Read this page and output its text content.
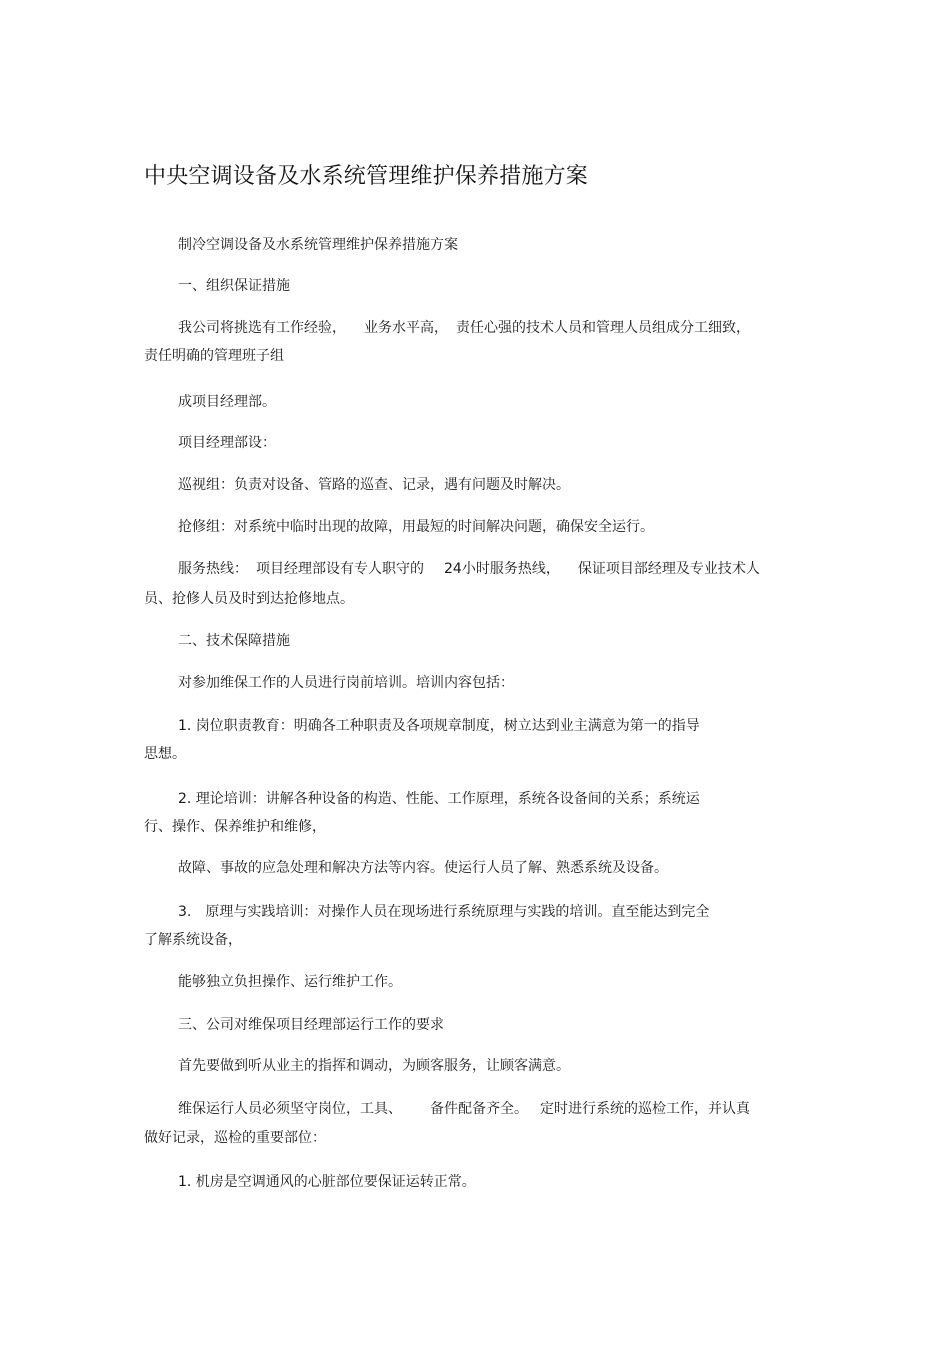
中央空调设备及水系统管理维护保养措施方案
制冷空调设备及水系统管理维护保养措施方案
一、组织保证措施
我公司将挑选有工作经验， 业务水平高， 责任心强的技术人员和管理人员组成分工细致，
责任明确的管理班子组
成项目经理部。
项目经理部设：
巡视组：负责对设备、管路的巡查、记录，遇有问题及时解决。
抢修组：对系统中临时出现的故障，用最短的时间解决问题，确保安全运行。
服务热线： 项目经理部设有专人职守的 24小时服务热线， 保证项目部经理及专业技术人
员、抢修人员及时到达抢修地点。
二、技术保障措施
对参加维保工作的人员进行岗前培训。培训内容包括：
1. 岗位职责教育：明确各工种职责及各项规章制度，树立达到业主满意为第一的指导
思想。
2. 理论培训：讲解各种设备的构造、性能、工作原理，系统各设备间的关系；系统运
行、操作、保养维护和维修，
故障、事故的应急处理和解决方法等内容。使运行人员了解、熟悉系统及设备。
3. 原理与实践培训：对操作人员在现场进行系统原理与实践的培训。直至能达到完全
了解系统设备，
能够独立负担操作、运行维护工作。
三、公司对维保项目经理部运行工作的要求
首先要做到听从业主的指挥和调动，为顾客服务，让顾客满意。
维保运行人员必须坚守岗位，工具、 备件配备齐全。 定时进行系统的巡检工作，并认真
做好记录，巡检的重要部位：
1. 机房是空调通风的心脏部位要保证运转正常。
